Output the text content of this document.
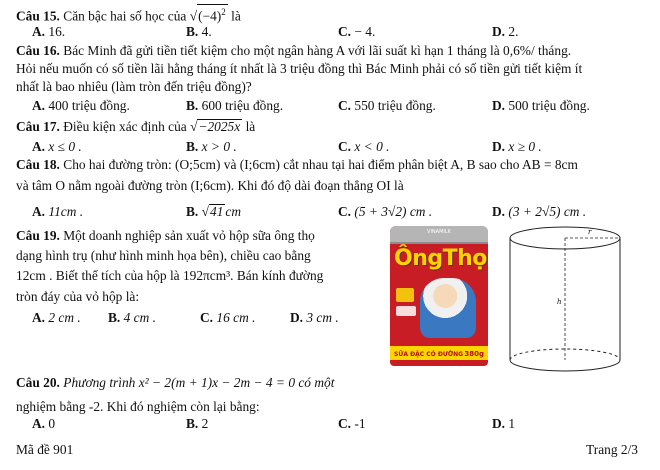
Câu 15. Căn bậc hai số học của $√(-4)^2$ là
A. 16.	B. 4.	C. − 4.	D. 2.
Câu 16. Bác Minh đã gửi tiền tiết kiệm cho một ngân hàng A với lãi suất kì hạn 1 tháng là 0,6%/ tháng.
Hỏi nếu muốn có số tiền lãi hằng tháng ít nhất là 3 triệu đồng thì Bác Minh phải có số tiền gửi tiết kiệm ít
nhất là bao nhiêu (làm tròn đến triệu đồng)?
A. 400 triệu đồng.	B. 600 triệu đồng.	C. 550 triệu đồng.	D. 500 triệu đồng.
Câu 17. Điều kiện xác định của √−2025x là
A. x ≤ 0 .	B. x > 0 .	C. x < 0 .	D. x ≥ 0 .
Câu 18. Cho hai đường tròn: (O;5cm) và (I;6cm) cắt nhau tại hai điểm phân biệt A, B sao cho AB = 8cm
và tâm O nằm ngoài đường tròn (I;6cm). Khi đó độ dài đoạn thẳng OI là
A. 11cm .	B. √41 cm	C. (5 + 3√2) cm .	D. (3 + 2√5) cm .
Câu 19. Một doanh nghiệp sản xuất vỏ hộp sữa ông thọ
dạng hình trụ (như hình minh họa bên), chiều cao bằng
12cm . Biết thể tích của hộp là 192πcm³. Bán kính đường
tròn đáy của vỏ hộp là:
A. 2 cm . B. 4 cm .	C. 16 cm .	D. 3 cm .
VINAMILK
ÔngThọ
SỮA ĐẶC CÓ ĐƯỜNG 380g
r
h
Câu 20. Phương trình x² − 2(m + 1)x − 2m − 4 = 0 có một
nghiệm bằng -2. Khi đó nghiệm còn lại bằng:
A. 0	B. 2	C. -1	D. 1
Mã đề 901	Trang 2/3
